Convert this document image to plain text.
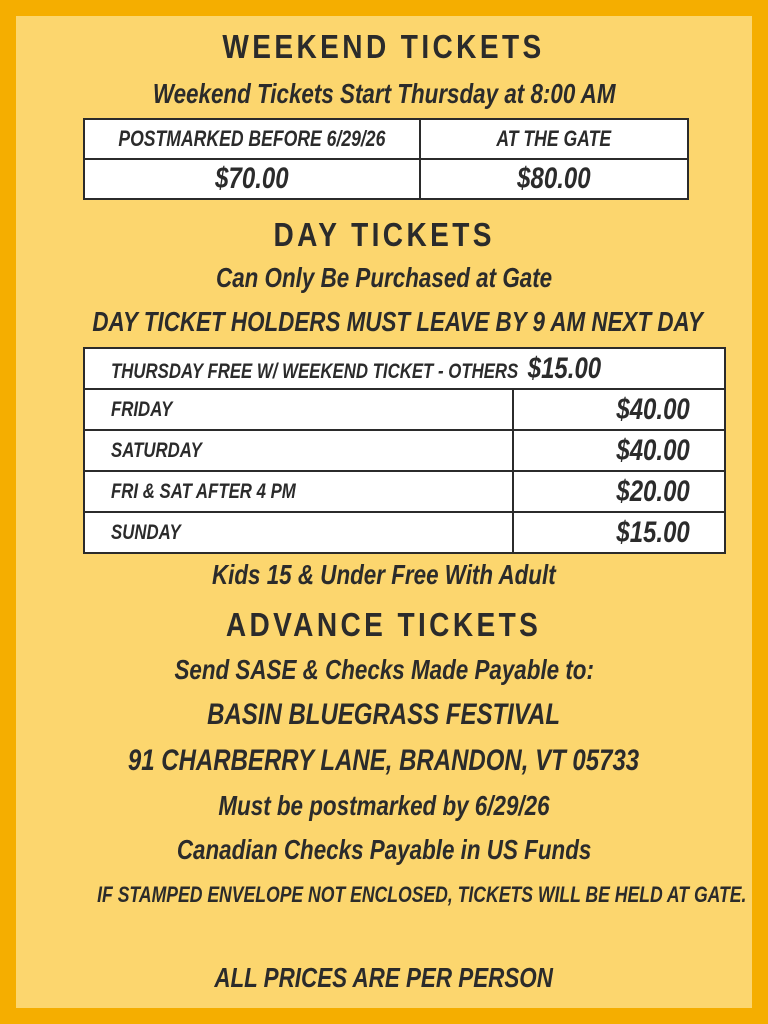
WEEKEND TICKETS
Weekend Tickets Start Thursday at 8:00 AM
POSTMARKED BEFORE 6/29/26	AT THE GATE
$70.00	$80.00
DAY TICKETS
Can Only Be Purchased at Gate
DAY TICKET HOLDERS MUST LEAVE BY 9 AM NEXT DAY
THURSDAY FREE W/ WEEKEND TICKET - OTHERS $15.00	
FRIDAY	$40.00
SATURDAY	$40.00
FRI & SAT AFTER 4 PM	$20.00
SUNDAY	$15.00
Kids 15 & Under Free With Adult
ADVANCE TICKETS
Send SASE & Checks Made Payable to:
BASIN BLUEGRASS FESTIVAL
91 CHARBERRY LANE, BRANDON, VT 05733
Must be postmarked by 6/29/26
Canadian Checks Payable in US Funds
IF STAMPED ENVELOPE NOT ENCLOSED, TICKETS WILL BE HELD AT GATE.
ALL PRICES ARE PER PERSON
